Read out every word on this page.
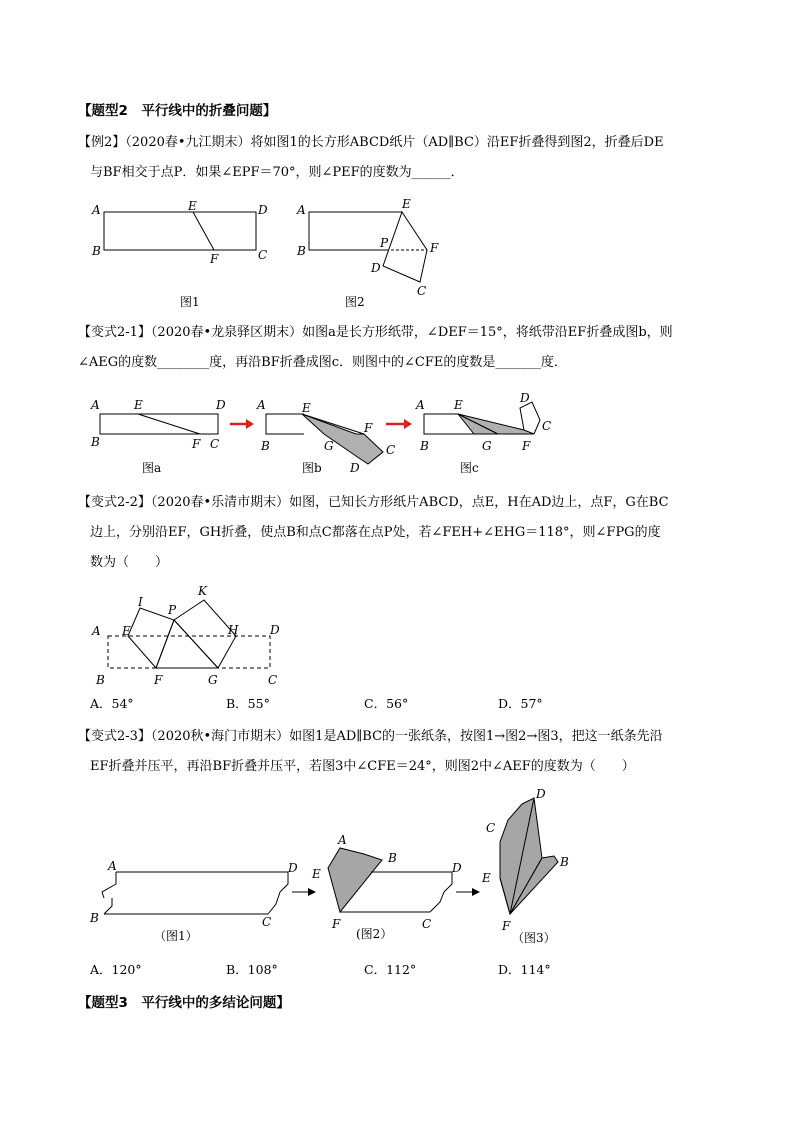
【题型2　平行线中的折叠问题】
【例2】（2020春•九江期末）将如图1的长方形ABCD纸片（AD∥BC）沿EF折叠得到图2，折叠后DE
与BF相交于点P．如果∠EPF＝70°，则∠PEF的度数为______．
A	E	D
B
F	C
图1
A	E
P	F
B
D
C
图2
【变式2-1】（2020春•龙泉驿区期末）如图a是长方形纸带，∠DEF＝15°，将纸带沿EF折叠成图b，则
∠AEG的度数________度，再沿BF折叠成图c．则图中的∠CFE的度数是_______度．
A	E	D
B	F C
图a
A	E
F
B	G	C
D
图b
A E	D
C
B	G	F
图c
【变式2-2】（2020春•乐清市期末）如图，已知长方形纸片ABCD，点E，H在AD边上，点F，G在BC
边上，分别沿EF，GH折叠，使点B和点C都落在点P处，若∠FEH+∠EHG＝118°，则∠FPG的度
数为（　　）
K
I
P
A E	H	D
B	F	G	C
A．54°	B．55°	C．56°	D．57°
【变式2-3】（2020秋•海门市期末）如图1是AD∥BC的一张纸条，按图1→图2→图3，把这一纸条先沿
EF折叠并压平，再沿BF折叠并压平，若图3中∠CFE＝24°，则图2中∠AEF的度数为（　　）
A	D
B	C
（图1）
A
B
D
E
F	C
(图2）
D
C
B
E
F
（图3）
A．120°	B．108°	C．112°	D．114°
【题型3　平行线中的多结论问题】
